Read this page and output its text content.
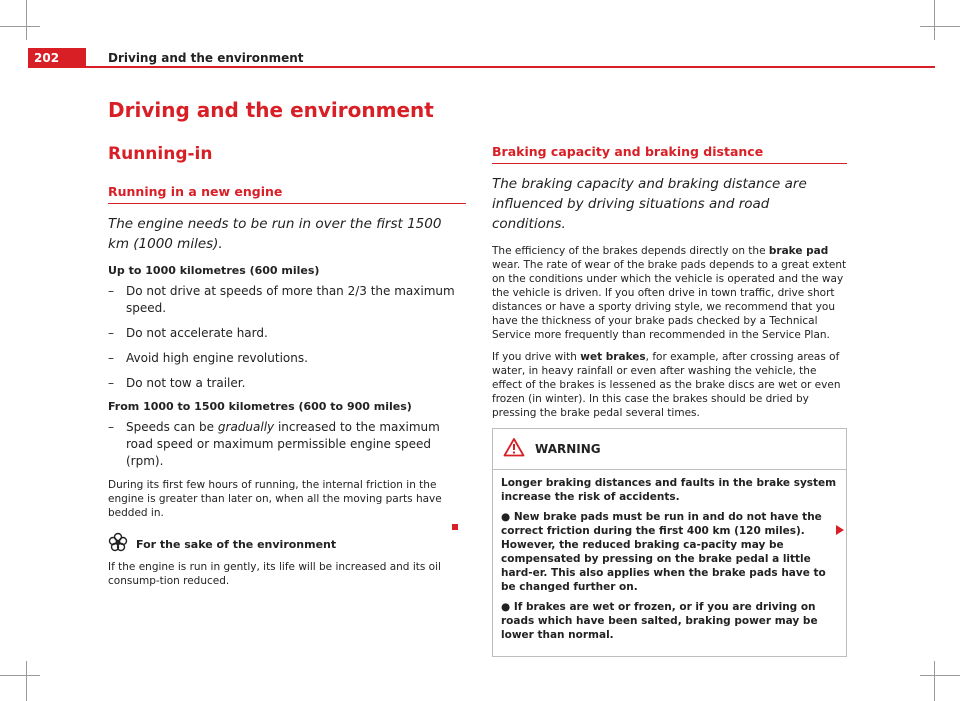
202	Driving and the environment
Driving and the environment
Running-in
Running in a new engine
The engine needs to be run in over the first 1500 km (1000 miles).
Up to 1000 kilometres (600 miles)
– Do not drive at speeds of more than 2/3 the maximum speed.
– Do not accelerate hard.
– Avoid high engine revolutions.
– Do not tow a trailer.
From 1000 to 1500 kilometres (600 to 900 miles)
– Speeds can be gradually increased to the maximum road speed or maximum permissible engine speed (rpm).
During its first few hours of running, the internal friction in the engine is greater than later on, when all the moving parts have bedded in.
For the sake of the environment
If the engine is run in gently, its life will be increased and its oil consump-tion reduced.
Braking capacity and braking distance
The braking capacity and braking distance are influenced by driving situations and road conditions.
The efficiency of the brakes depends directly on the brake pad wear. The rate of wear of the brake pads depends to a great extent on the conditions under which the vehicle is operated and the way the vehicle is driven. If you often drive in town traffic, drive short distances or have a sporty driving style, we recommend that you have the thickness of your brake pads checked by a Technical Service more frequently than recommended in the Service Plan.
If you drive with wet brakes, for example, after crossing areas of water, in heavy rainfall or even after washing the vehicle, the effect of the brakes is lessened as the brake discs are wet or even frozen (in winter). In this case the brakes should be dried by pressing the brake pedal several times.
WARNING

Longer braking distances and faults in the brake system increase the risk of accidents.

● New brake pads must be run in and do not have the correct friction during the first 400 km (120 miles). However, the reduced braking ca-pacity may be compensated by pressing on the brake pedal a little hard-er. This also applies when the brake pads have to be changed further on.

● If brakes are wet or frozen, or if you are driving on roads which have been salted, braking power may be lower than normal.
